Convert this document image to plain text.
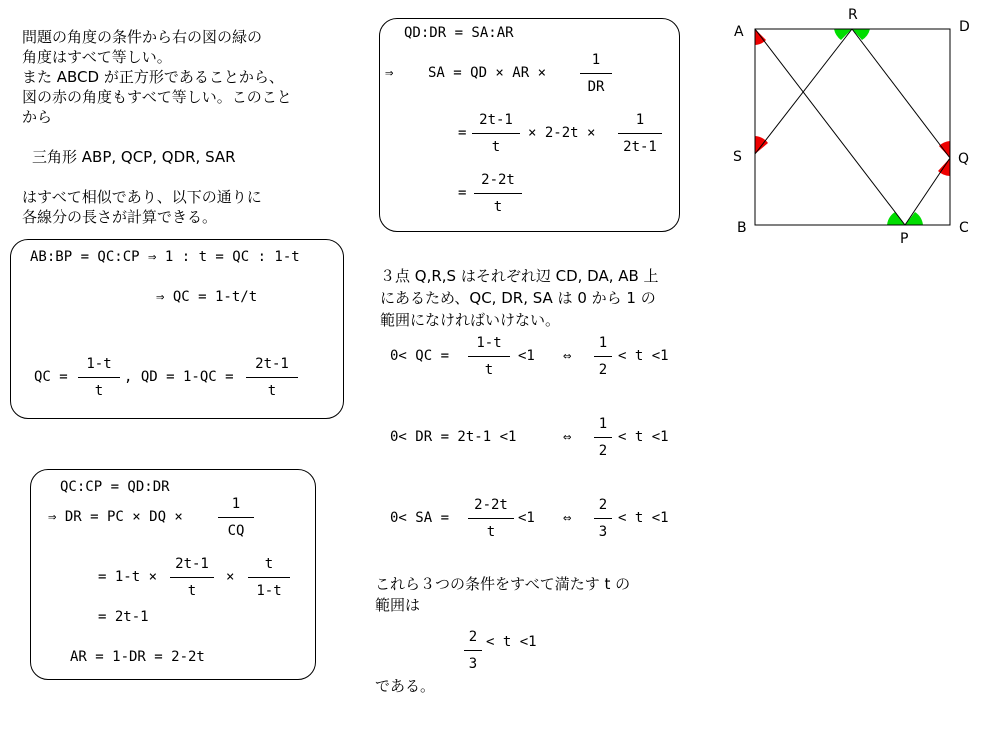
問題の角度の条件から右の図の緑の
角度はすべて等しい。
また ABCD が正方形であることから、
図の赤の角度もすべて等しい。このこと
から
三角形 ABP, QCP, QDR, SAR
はすべて相似であり、以下の通りに
各線分の長さが計算できる。
AB:BP = QC:CP ⇒ 1 : t = QC : 1-t
⇒ QC = 1-t/t
QC =
1-t
t
, QD = 1-QC =
2t-1
t
QC:CP = QD:DR
⇒ DR = PC × DQ ×
1
CQ
= 1-t ×
2t-1
t
×
t
1-t
= 2t-1
AR = 1-DR = 2-2t
QD:DR = SA:AR
⇒ SA = QD × AR ×
1
DR
=
2t-1
t
× 2-2t ×
1
2t-1
=
2-2t
t
３点 Q,R,S はそれぞれ辺 CD, DA, AB 上
にあるため、QC, DR, SA は 0 から 1 の
範囲になければいけない。
0< QC =
1-t
t
<1 ⇔
1
2
< t <1
0< DR = 2t-1 <1	⇔
1
2
< t <1
0< SA =
2-2t
t
<1 ⇔
2
3
< t <1
これら３つの条件をすべて満たす t の
範囲は
2
3
< t <1
である。
A
R
D
S	Q
B
P
C
